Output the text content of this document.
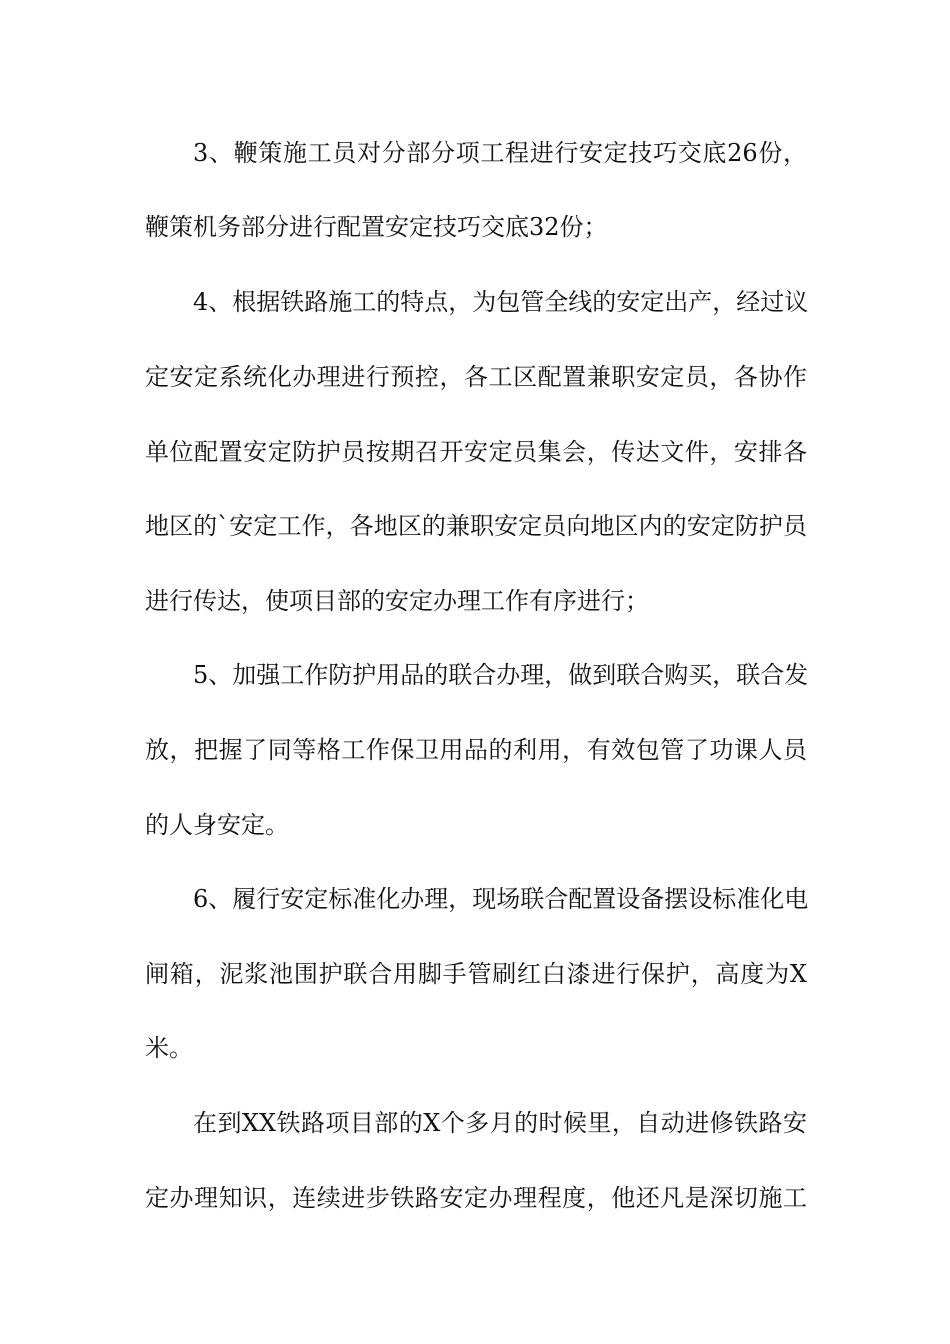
3、鞭策施工员对分部分项工程进行安定技巧交底26份，
鞭策机务部分进行配置安定技巧交底32份；
4、根据铁路施工的特点，为包管全线的安定出产，经过议
定安定系统化办理进行预控，各工区配置兼职安定员，各协作
单位配置安定防护员按期召开安定员集会，传达文件，安排各
地区的`安定工作，各地区的兼职安定员向地区内的安定防护员
进行传达，使项目部的安定办理工作有序进行；
5、加强工作防护用品的联合办理，做到联合购买，联合发
放，把握了同等格工作保卫用品的利用，有效包管了功课人员
的人身安定。
6、履行安定标准化办理，现场联合配置设备摆设标准化电
闸箱，泥浆池围护联合用脚手管刷红白漆进行保护，高度为X
米。
在到XX铁路项目部的X个多月的时候里，自动进修铁路安
定办理知识，连续进步铁路安定办理程度，他还凡是深切施工
